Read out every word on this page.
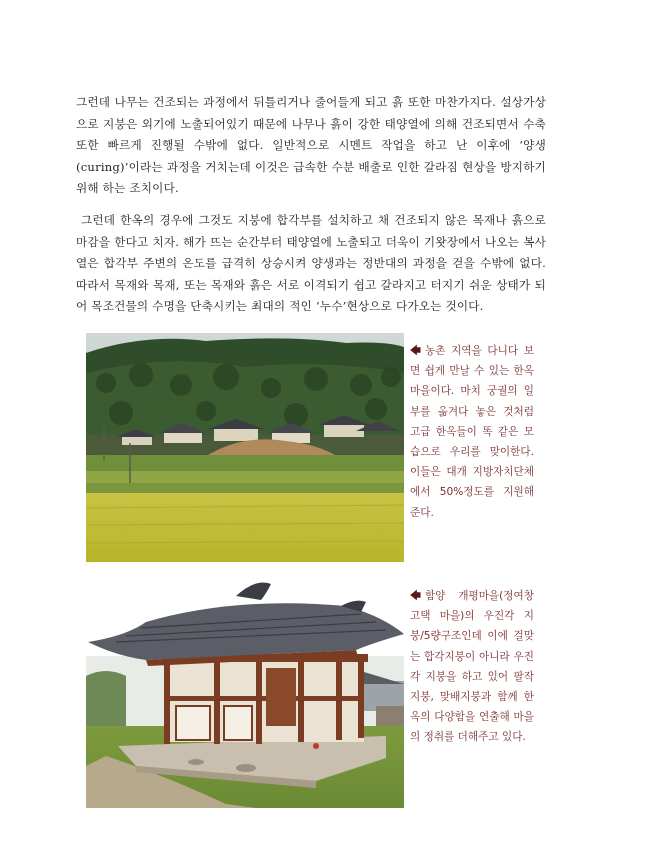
그런데 나무는 건조되는 과정에서 뒤틀리거나 줄어들게 되고 흙 또한 마찬가지다. 설상가상으로 지붕은 외기에 노출되어있기 때문에 나무나 흙이 강한 태양열에 의해 건조되면서 수축 또한 빠르게 진행될 수밖에 없다. 일반적으로 시멘트 작업을 하고 난 이후에 ‘양생(curing)’이라는 과정을 거치는데 이것은 급속한 수분 배출로 인한 갈라짐 현상을 방지하기 위해 하는 조치이다.

그런데 한옥의 경우에 그것도 지붕에 합각부를 설치하고 채 건조되지 않은 목재나 흙으로 마감을 한다고 치자. 해가 뜨는 순간부터 태양열에 노출되고 더욱이 기왓장에서 나오는 복사열은 합각부 주변의 온도를 급격히 상승시켜 양생과는 정반대의 과정을 걷을 수밖에 없다. 따라서 목재와 목재, 또는 목재와 흙은 서로 이격되기 쉽고 갈라지고 터지기 쉬운 상태가 되어 목조건물의 수명을 단축시키는 최대의 적인 ‘누수’현상으로 다가오는 것이다.

🡄 농촌 지역을 다니다 보면 쉽게 만날 수 있는 한옥 마을이다. 마치 궁궐의 일부를 옮겨다 놓은 것처럼 고급 한옥들이 똑 같은 모습으로 우리를 맞이한다. 이들은 대개 지방자치단체에서 50%정도를 지원해 준다.

🡄 함양 개평마을(정여창고택 마을)의 우진각 지붕/5량구조인데 이에 걸맞는 합각지붕이 아니라 우진각 지붕을 하고 있어 팔작지붕, 맞배지붕과 함께 한옥의 다양함을 연출해 마을의 정취를 더해주고 있다.
